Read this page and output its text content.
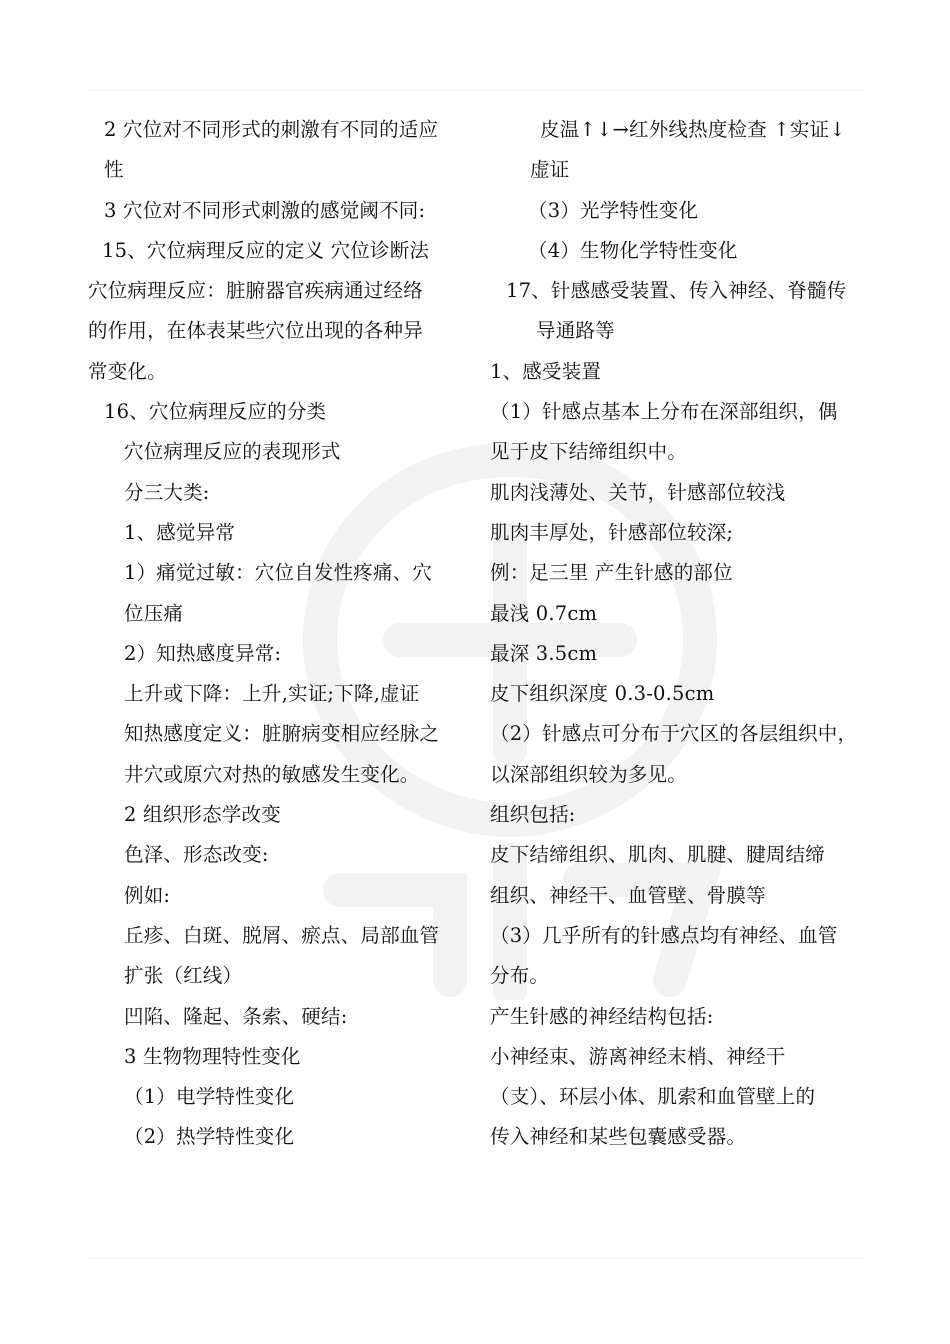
2 穴位对不同形式的刺激有不同的适应
性
3 穴位对不同形式刺激的感觉阈不同:
15、穴位病理反应的定义 穴位诊断法
穴位病理反应：脏腑器官疾病通过经络
的作用，在体表某些穴位出现的各种异
常变化。
16、穴位病理反应的分类
穴位病理反应的表现形式
分三大类:
1、感觉异常
1）痛觉过敏：穴位自发性疼痛、穴
位压痛
2）知热感度异常:
上升或下降：上升,实证;下降,虚证
知热感度定义：脏腑病变相应经脉之
井穴或原穴对热的敏感发生变化。
2 组织形态学改变
色泽、形态改变:
例如:
丘疹、白斑、脱屑、瘀点、局部血管
扩张（红线）
凹陷、隆起、条索、硬结:
3 生物物理特性变化
（1）电学特性变化
（2）热学特性变化
皮温↑↓→红外线热度检查 ↑实证↓
虚证
（3）光学特性变化
（4）生物化学特性变化
17、针感感受装置、传入神经、脊髓传
导通路等
1、感受装置
（1）针感点基本上分布在深部组织，偶
见于皮下结缔组织中。
肌肉浅薄处、关节，针感部位较浅
肌肉丰厚处，针感部位较深;
例：足三里 产生针感的部位
最浅 0.7cm
最深 3.5cm
皮下组织深度 0.3-0.5cm
（2）针感点可分布于穴区的各层组织中，
以深部组织较为多见。
组织包括:
皮下结缔组织、肌肉、肌腱、腱周结缔
组织、神经干、血管壁、骨膜等
（3）几乎所有的针感点均有神经、血管
分布。
产生针感的神经结构包括:
小神经束、游离神经末梢、神经干
（支）、环层小体、肌索和血管壁上的
传入神经和某些包囊感受器。
